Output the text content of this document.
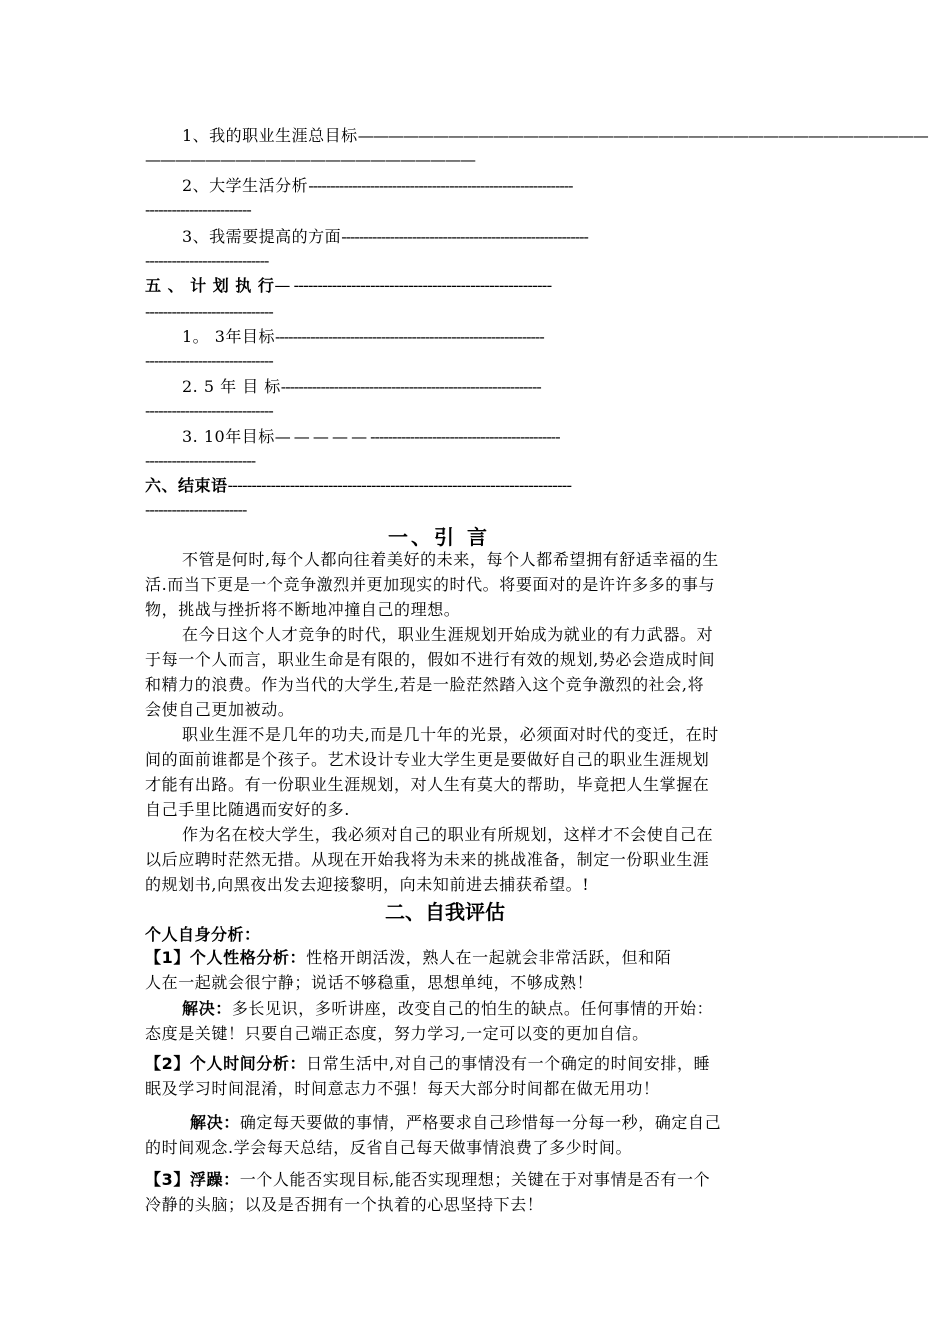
1、我的职业生涯总目标——————————————————————————————————————
——————————————————————
2、大学生活分析------------------------------------------------------------
------------------------
3、我需要提高的方面--------------------------------------------------------
----------------------------
五 、 计 划 执 行— ------------------------------------------------------
-----------------------------
1。 3年目标-------------------------------------------------------------
-----------------------------
2. 5 年 目 标-----------------------------------------------------------
-----------------------------
3. 10年目标— — — — — -------------------------------------------
-------------------------
六、结束语------------------------------------------------------------------------
-----------------------
一、引 言
不管是何时,每个人都向往着美好的未来，每个人都希望拥有舒适幸福的生
活.而当下更是一个竞争激烈并更加现实的时代。将要面对的是许许多多的事与
物，挑战与挫折将不断地冲撞自己的理想。
在今日这个人才竞争的时代，职业生涯规划开始成为就业的有力武器。对
于每一个人而言，职业生命是有限的，假如不进行有效的规划,势必会造成时间
和精力的浪费。作为当代的大学生,若是一脸茫然踏入这个竞争激烈的社会,将
会使自己更加被动。
职业生涯不是几年的功夫,而是几十年的光景，必须面对时代的变迁，在时
间的面前谁都是个孩子。艺术设计专业大学生更是要做好自己的职业生涯规划
才能有出路。有一份职业生涯规划，对人生有莫大的帮助，毕竟把人生掌握在
自己手里比随遇而安好的多.
作为名在校大学生，我必须对自己的职业有所规划，这样才不会使自己在
以后应聘时茫然无措。从现在开始我将为未来的挑战准备，制定一份职业生涯
的规划书,向黑夜出发去迎接黎明，向未知前进去捕获希望。!
二、自我评估
个人自身分析：
【1】个人性格分析：性格开朗活泼，熟人在一起就会非常活跃，但和陌
人在一起就会很宁静；说话不够稳重，思想单纯，不够成熟！
解决：多长见识，多听讲座，改变自己的怕生的缺点。任何事情的开始：
态度是关键！只要自己端正态度，努力学习,一定可以变的更加自信。
【2】个人时间分析：日常生活中,对自己的事情没有一个确定的时间安排，睡
眠及学习时间混淆，时间意志力不强！每天大部分时间都在做无用功！
解决：确定每天要做的事情，严格要求自己珍惜每一分每一秒，确定自己
的时间观念.学会每天总结，反省自己每天做事情浪费了多少时间。
【3】浮躁：一个人能否实现目标,能否实现理想；关键在于对事情是否有一个
冷静的头脑；以及是否拥有一个执着的心思坚持下去！
